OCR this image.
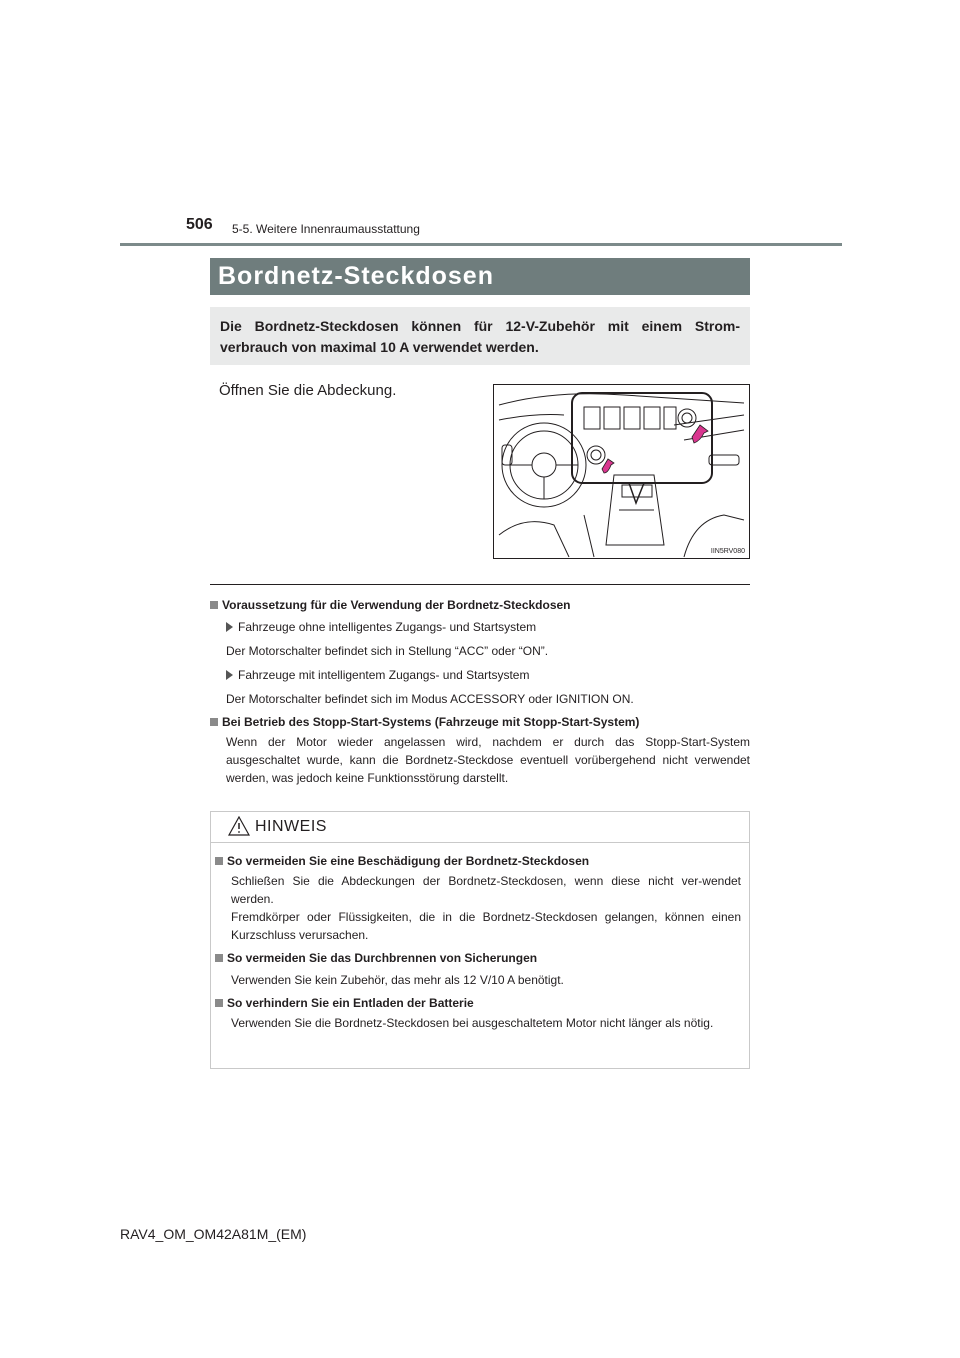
506 5-5. Weitere Innenraumausstattung
Bordnetz-Steckdosen
Die Bordnetz-Steckdosen können für 12-V-Zubehör mit einem Strom-
verbrauch von maximal 10 A verwendet werden.
Öffnen Sie die Abdeckung.
IIN5RV080
Voraussetzung für die Verwendung der Bordnetz-Steckdosen
Fahrzeuge ohne intelligentes Zugangs- und Startsystem
Der Motorschalter befindet sich in Stellung “ACC” oder “ON”.
Fahrzeuge mit intelligentem Zugangs- und Startsystem
Der Motorschalter befindet sich im Modus ACCESSORY oder IGNITION ON.
Bei Betrieb des Stopp-Start-Systems (Fahrzeuge mit Stopp-Start-System)
Wenn der Motor wieder angelassen wird, nachdem er durch das Stopp-Start-System ausgeschaltet wurde, kann die Bordnetz-Steckdose eventuell vorübergehend nicht verwendet werden, was jedoch keine Funktionsstörung darstellt.
HINWEIS
So vermeiden Sie eine Beschädigung der Bordnetz-Steckdosen
Schließen Sie die Abdeckungen der Bordnetz-Steckdosen, wenn diese nicht ver-wendet werden.
Fremdkörper oder Flüssigkeiten, die in die Bordnetz-Steckdosen gelangen, können einen Kurzschluss verursachen.
So vermeiden Sie das Durchbrennen von Sicherungen
Verwenden Sie kein Zubehör, das mehr als 12 V/10 A benötigt.
So verhindern Sie ein Entladen der Batterie
Verwenden Sie die Bordnetz-Steckdosen bei ausgeschaltetem Motor nicht länger als nötig.
RAV4_OM_OM42A81M_(EM)
